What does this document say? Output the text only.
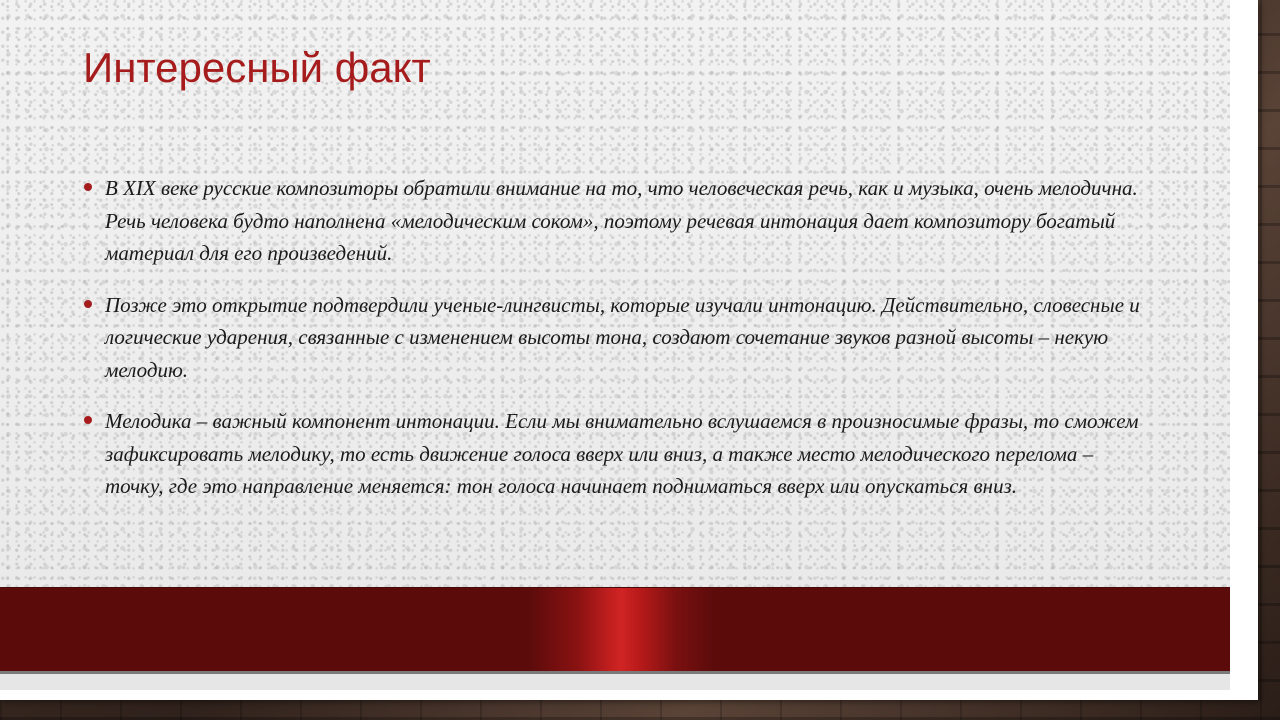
Интересный факт

В XIX веке русские композиторы обратили внимание на то, что человеческая речь, как и музыка, очень мелодична. Речь человека будто наполнена «мелодическим соком», поэтому речевая интонация дает композитору богатый материал для его произведений.

Позже это открытие подтвердили ученые-лингвисты, которые изучали интонацию. Действительно, словесные и логические ударения, связанные с изменением высоты тона, создают сочетание звуков разной высоты – некую мелодию.

Мелодика – важный компонент интонации. Если мы внимательно вслушаемся в произносимые фразы, то сможем зафиксировать мелодику, то есть движение голоса вверх или вниз, а также место мелодического перелома – точку, где это направление меняется: тон голоса начинает подниматься вверх или опускаться вниз.
